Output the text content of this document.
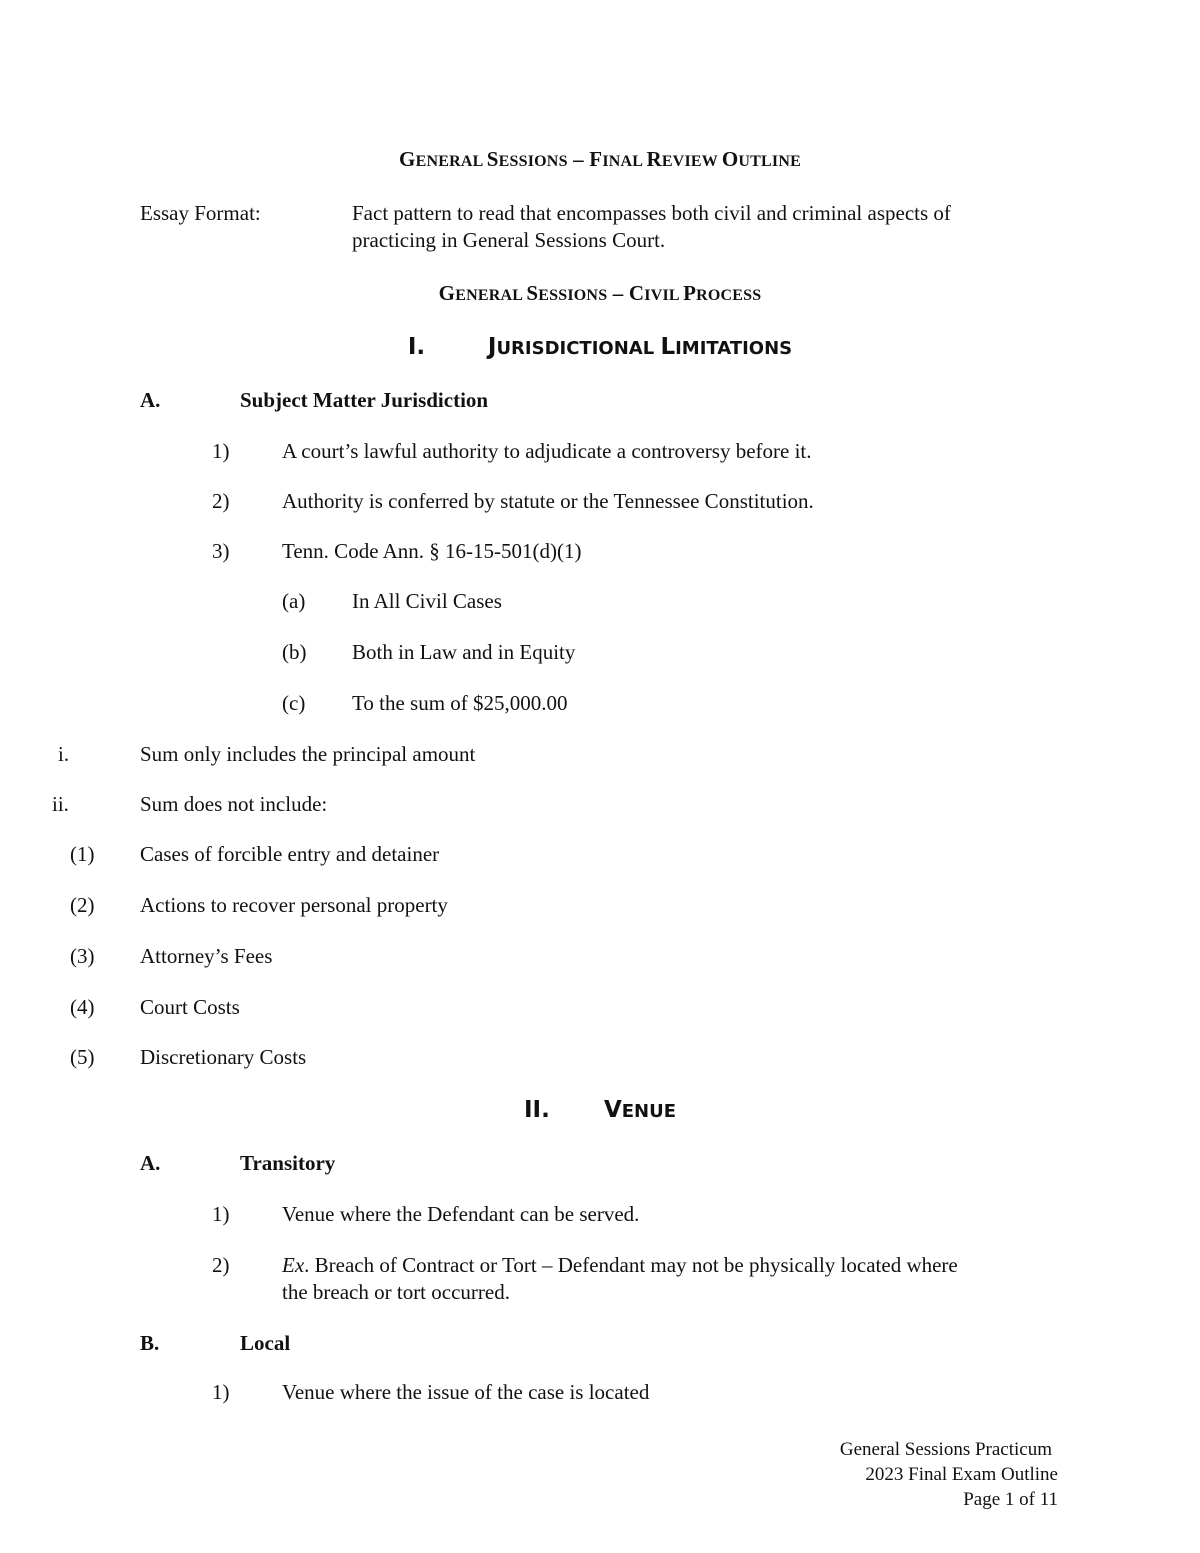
GENERAL SESSIONS – FINAL REVIEW OUTLINE
Essay Format:	Fact pattern to read that encompasses both civil and criminal aspects of
practicing in General Sessions Court.
GENERAL SESSIONS – CIVIL PROCESS
I.	JURISDICTIONAL LIMITATIONS
A.	Subject Matter Jurisdiction
1)	A court’s lawful authority to adjudicate a controversy before it.
2)	Authority is conferred by statute or the Tennessee Constitution.
3)	Tenn. Code Ann. § 16-15-501(d)(1)
(a) In All Civil Cases
(b) Both in Law and in Equity
(c) To the sum of $25,000.00
i.	Sum only includes the principal amount
ii.	Sum does not include:
(1) Cases of forcible entry and detainer
(2) Actions to recover personal property
(3) Attorney’s Fees
(4) Court Costs
(5) Discretionary Costs
II. VENUE
A.	Transitory
1)	Venue where the Defendant can be served.
2)	Ex. Breach of Contract or Tort – Defendant may not be physically located where
the breach or tort occurred.
B.	Local
1)	Venue where the issue of the case is located
General Sessions Practicum
2023 Final Exam Outline
Page 1 of 11
